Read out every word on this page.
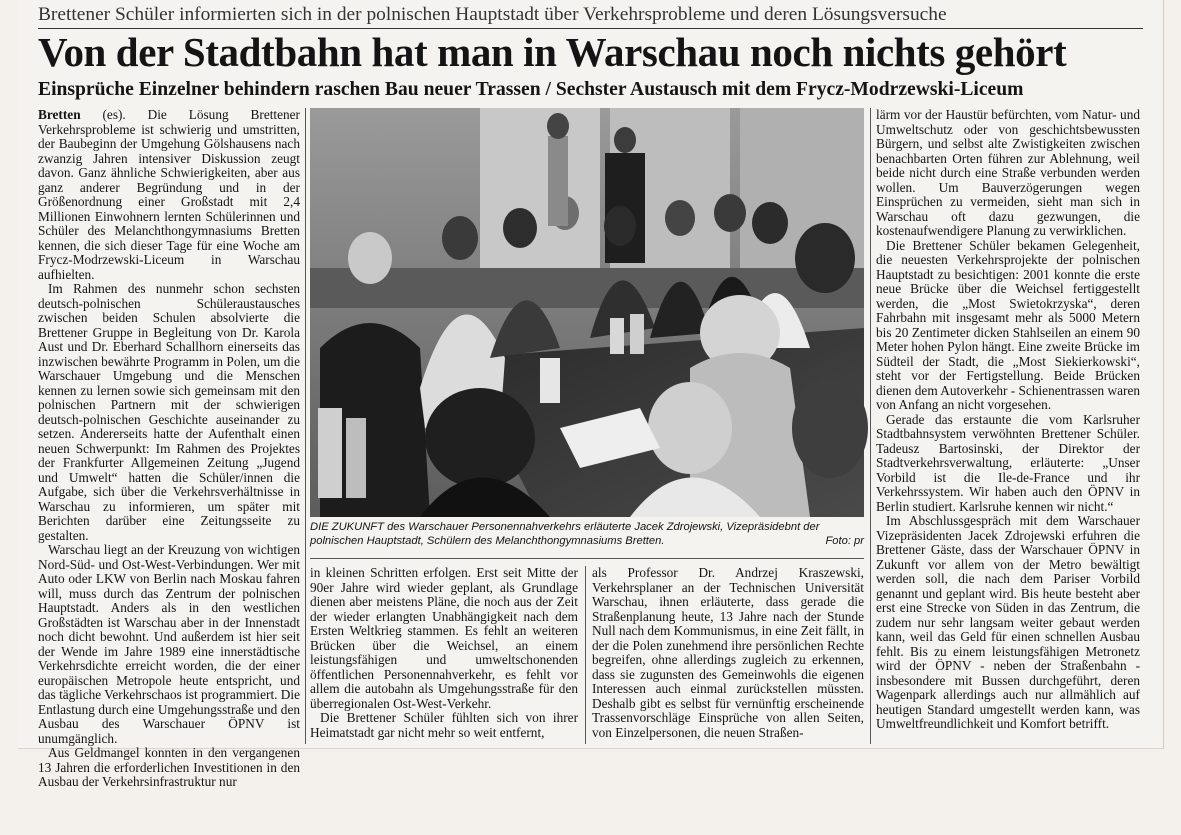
Brettener Schüler informierten sich in der polnischen Hauptstadt über Verkehrsprobleme und deren Lösungsversuche
Von der Stadtbahn hat man in Warschau noch nichts gehört
Einsprüche Einzelner behindern raschen Bau neuer Trassen / Sechster Austausch mit dem Frycz-Modrzewski-Liceum

Bretten (es). Die Lösung Brettener Verkehrsprobleme ist schwierig und umstritten, der Baubeginn der Umgehung Gölshausens nach zwanzig Jahren intensiver Diskussion zeugt davon. Ganz ähnliche Schwierigkeiten, aber aus ganz anderer Begründung und in der Größenordnung einer Großstadt mit 2,4 Millionen Einwohnern lernten Schülerinnen und Schüler des Melanchthongymnasiums Bretten kennen, die sich dieser Tage für eine Woche am Frycz-Modrzewski-Liceum in Warschau aufhielten.

Im Rahmen des nunmehr schon sechsten deutsch-polnischen Schüleraustausches zwischen beiden Schulen absolvierte die Brettener Gruppe in Begleitung von Dr. Karola Aust und Dr. Eberhard Schallhorn einerseits das inzwischen bewährte Programm in Polen, um die Warschauer Umgebung und die Menschen kennen zu lernen sowie sich gemeinsam mit den polnischen Partnern mit der schwierigen deutsch-polnischen Geschichte auseinander zu setzen. Andererseits hatte der Aufenthalt einen neuen Schwerpunkt: Im Rahmen des Projektes der Frankfurter Allgemeinen Zeitung „Jugend und Umwelt“ hatten die Schüler/innen die Aufgabe, sich über die Verkehrsverhältnisse in Warschau zu informieren, um später mit Berichten darüber eine Zeitungsseite zu gestalten.

Warschau liegt an der Kreuzung von wichtigen Nord-Süd- und Ost-West-Verbindungen. Wer mit Auto oder LKW von Berlin nach Moskau fahren will, muss durch das Zentrum der polnischen Hauptstadt. Anders als in den westlichen Großstädten ist Warschau aber in der Innenstadt noch dicht bewohnt. Und außerdem ist hier seit der Wende im Jahre 1989 eine innerstädtische Verkehrsdichte erreicht worden, die der einer europäischen Metropole heute entspricht, und das tägliche Verkehrschaos ist programmiert. Die Entlastung durch eine Umgehungsstraße und den Ausbau des Warschauer ÖPNV ist unumgänglich.

Aus Geldmangel konnten in den vergangenen 13 Jahren die erforderlichen Investitionen in den Ausbau der Verkehrsinfrastruktur nur

DIE ZUKUNFT des Warschauer Personennahverkehrs erläuterte Jacek Zdrojewski, Vizepräsidebnt der polnischen Hauptstadt, Schülern des Melanchthongymnasiums Bretten.	Foto: pr

in kleinen Schritten erfolgen. Erst seit Mitte der 90er Jahre wird wieder geplant, als Grundlage dienen aber meistens Pläne, die noch aus der Zeit der wieder erlangten Unabhängigkeit nach dem Ersten Weltkrieg stammen. Es fehlt an weiteren Brücken über die Weichsel, an einem leistungsfähigen und umweltschonenden öffentlichen Personennahverkehr, es fehlt vor allem die autobahn als Umgehungsstraße für den überregionalen Ost-West-Verkehr.

Die Brettener Schüler fühlten sich von ihrer Heimatstadt gar nicht mehr so weit entfernt,

als Professor Dr. Andrzej Kraszewski, Verkehrsplaner an der Technischen Universität Warschau, ihnen erläuterte, dass gerade die Straßenplanung heute, 13 Jahre nach der Stunde Null nach dem Kommunismus, in eine Zeit fällt, in der die Polen zunehmend ihre persönlichen Rechte begreifen, ohne allerdings zugleich zu erkennen, dass sie zugunsten des Gemeinwohls die eigenen Interessen auch einmal zurückstellen müssten. Deshalb gibt es selbst für vernünftig erscheinende Trassenvorschläge Einsprüche von allen Seiten, von Einzelpersonen, die neuen Straßen-

lärm vor der Haustür befürchten, vom Natur- und Umweltschutz oder von geschichtsbewussten Bürgern, und selbst alte Zwistigkeiten zwischen benachbarten Orten führen zur Ablehnung, weil beide nicht durch eine Straße verbunden werden wollen. Um Bauverzögerungen wegen Einsprüchen zu vermeiden, sieht man sich in Warschau oft dazu gezwungen, die kostenaufwendigere Planung zu verwirklichen.

Die Brettener Schüler bekamen Gelegenheit, die neuesten Verkehrsprojekte der polnischen Hauptstadt zu besichtigen: 2001 konnte die erste neue Brücke über die Weichsel fertiggestellt werden, die „Most Swietokrzyska“, deren Fahrbahn mit insgesamt mehr als 5000 Metern bis 20 Zentimeter dicken Stahlseilen an einem 90 Meter hohen Pylon hängt. Eine zweite Brücke im Südteil der Stadt, die „Most Siekierkowski“, steht vor der Fertigstellung. Beide Brücken dienen dem Autoverkehr - Schienentrassen waren von Anfang an nicht vorgesehen.

Gerade das erstaunte die vom Karlsruher Stadtbahnsystem verwöhnten Brettener Schüler. Tadeusz Bartosinski, der Direktor der Stadtverkehrsverwaltung, erläuterte: „Unser Vorbild ist die Ile-de-France und ihr Verkehrssystem. Wir haben auch den ÖPNV in Berlin studiert. Karlsruhe kennen wir nicht.“

Im Abschlussgespräch mit dem Warschauer Vizepräsidenten Jacek Zdrojewski erfuhren die Brettener Gäste, dass der Warschauer ÖPNV in Zukunft vor allem von der Metro bewältigt werden soll, die nach dem Pariser Vorbild genannt und geplant wird. Bis heute besteht aber erst eine Strecke von Süden in das Zentrum, die zudem nur sehr langsam weiter gebaut werden kann, weil das Geld für einen schnellen Ausbau fehlt. Bis zu einem leistungsfähigen Metronetz wird der ÖPNV - neben der Straßenbahn - insbesondere mit Bussen durchgeführt, deren Wagenpark allerdings auch nur allmählich auf heutigen Standard umgestellt werden kann, was Umweltfreundlichkeit und Komfort betrifft.
